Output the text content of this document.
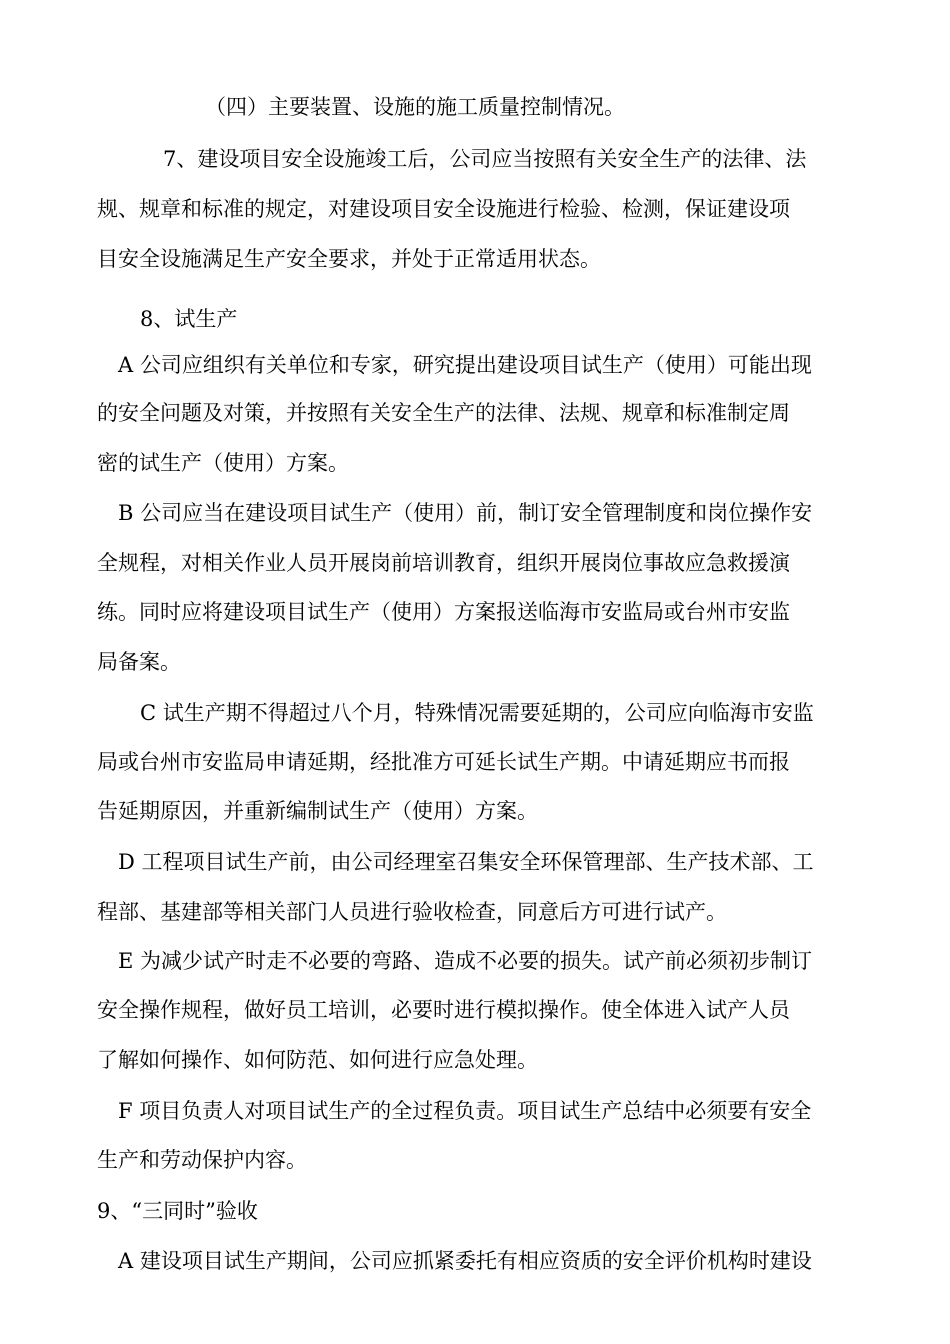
（四）主要装置、设施的施工质量控制情况。
7、建设项目安全设施竣工后，公司应当按照有关安全生产的法律、法
规、规章和标准的规定，对建设项目安全设施进行检验、检测，保证建设项
目安全设施满足生产安全要求，并处于正常适用状态。
8、试生产
A 公司应组织有关单位和专家，研究提出建设项目试生产（使用）可能出现
的安全问题及对策，并按照有关安全生产的法律、法规、规章和标准制定周
密的试生产（使用）方案。
B 公司应当在建设项目试生产（使用）前，制订安全管理制度和岗位操作安
全规程，对相关作业人员开展岗前培训教育，组织开展岗位事故应急救援演
练。同时应将建设项目试生产（使用）方案报送临海市安监局或台州市安监
局备案。
C 试生产期不得超过八个月，特殊情况需要延期的，公司应向临海市安监
局或台州市安监局申请延期，经批准方可延长试生产期。中请延期应书而报
告延期原因，并重新编制试生产（使用）方案。
D 工程项目试生产前，由公司经理室召集安全环保管理部、生产技术部、工
程部、基建部等相关部门人员进行验收检查，同意后方可进行试产。
E 为减少试产时走不必要的弯路、造成不必要的损失。试产前必须初步制订
安全操作规程，做好员工培训，必要时进行模拟操作。使全体进入试产人员
了解如何操作、如何防范、如何进行应急处理。
F 项目负责人对项目试生产的全过程负责。项目试生产总结中必须要有安全
生产和劳动保护内容。
9、“三同时”验收
A 建设项目试生产期间，公司应抓紧委托有相应资质的安全评价机构时建设
